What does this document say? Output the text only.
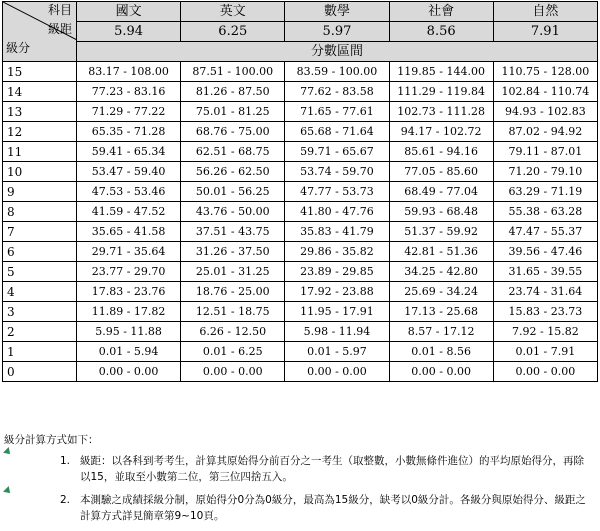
科目
級距
級分	國文	英文	數學	社會	自然
	5.94	6.25	5.97	8.56	7.91
	分數區間				
15	83.17 - 108.00	87.51 - 100.00	83.59 - 100.00	119.85 - 144.00	110.75 - 128.00
14	77.23 - 83.16	81.26 - 87.50	77.62 - 83.58	111.29 - 119.84	102.84 - 110.74
13	71.29 - 77.22	75.01 - 81.25	71.65 - 77.61	102.73 - 111.28	94.93 - 102.83
12	65.35 - 71.28	68.76 - 75.00	65.68 - 71.64	94.17 - 102.72	87.02 - 94.92
11	59.41 - 65.34	62.51 - 68.75	59.71 - 65.67	85.61 - 94.16	79.11 - 87.01
10	53.47 - 59.40	56.26 - 62.50	53.74 - 59.70	77.05 - 85.60	71.20 - 79.10
9	47.53 - 53.46	50.01 - 56.25	47.77 - 53.73	68.49 - 77.04	63.29 - 71.19
8	41.59 - 47.52	43.76 - 50.00	41.80 - 47.76	59.93 - 68.48	55.38 - 63.28
7	35.65 - 41.58	37.51 - 43.75	35.83 - 41.79	51.37 - 59.92	47.47 - 55.37
6	29.71 - 35.64	31.26 - 37.50	29.86 - 35.82	42.81 - 51.36	39.56 - 47.46
5	23.77 - 29.70	25.01 - 31.25	23.89 - 29.85	34.25 - 42.80	31.65 - 39.55
4	17.83 - 23.76	18.76 - 25.00	17.92 - 23.88	25.69 - 34.24	23.74 - 31.64
3	11.89 - 17.82	12.51 - 18.75	11.95 - 17.91	17.13 - 25.68	15.83 - 23.73
2	5.95 - 11.88	6.26 - 12.50	5.98 - 11.94	8.57 - 17.12	7.92 - 15.82
1	0.01 - 5.94	0.01 - 6.25	0.01 - 5.97	0.01 - 8.56	0.01 - 7.91
0	0.00 - 0.00	0.00 - 0.00	0.00 - 0.00	0.00 - 0.00	0.00 - 0.00
級分計算方式如下：
1. 級距：以各科到考考生，計算其原始得分前百分之一考生（取整數，小數無條件進位）的平均原始得分，再除以15，並取至小數第二位，第三位四捨五入。
2. 本測驗之成績採級分制，原始得分0分為0級分，最高為15級分，缺考以0級分計。各級分與原始得分、級距之計算方式詳見簡章第9~10頁。
